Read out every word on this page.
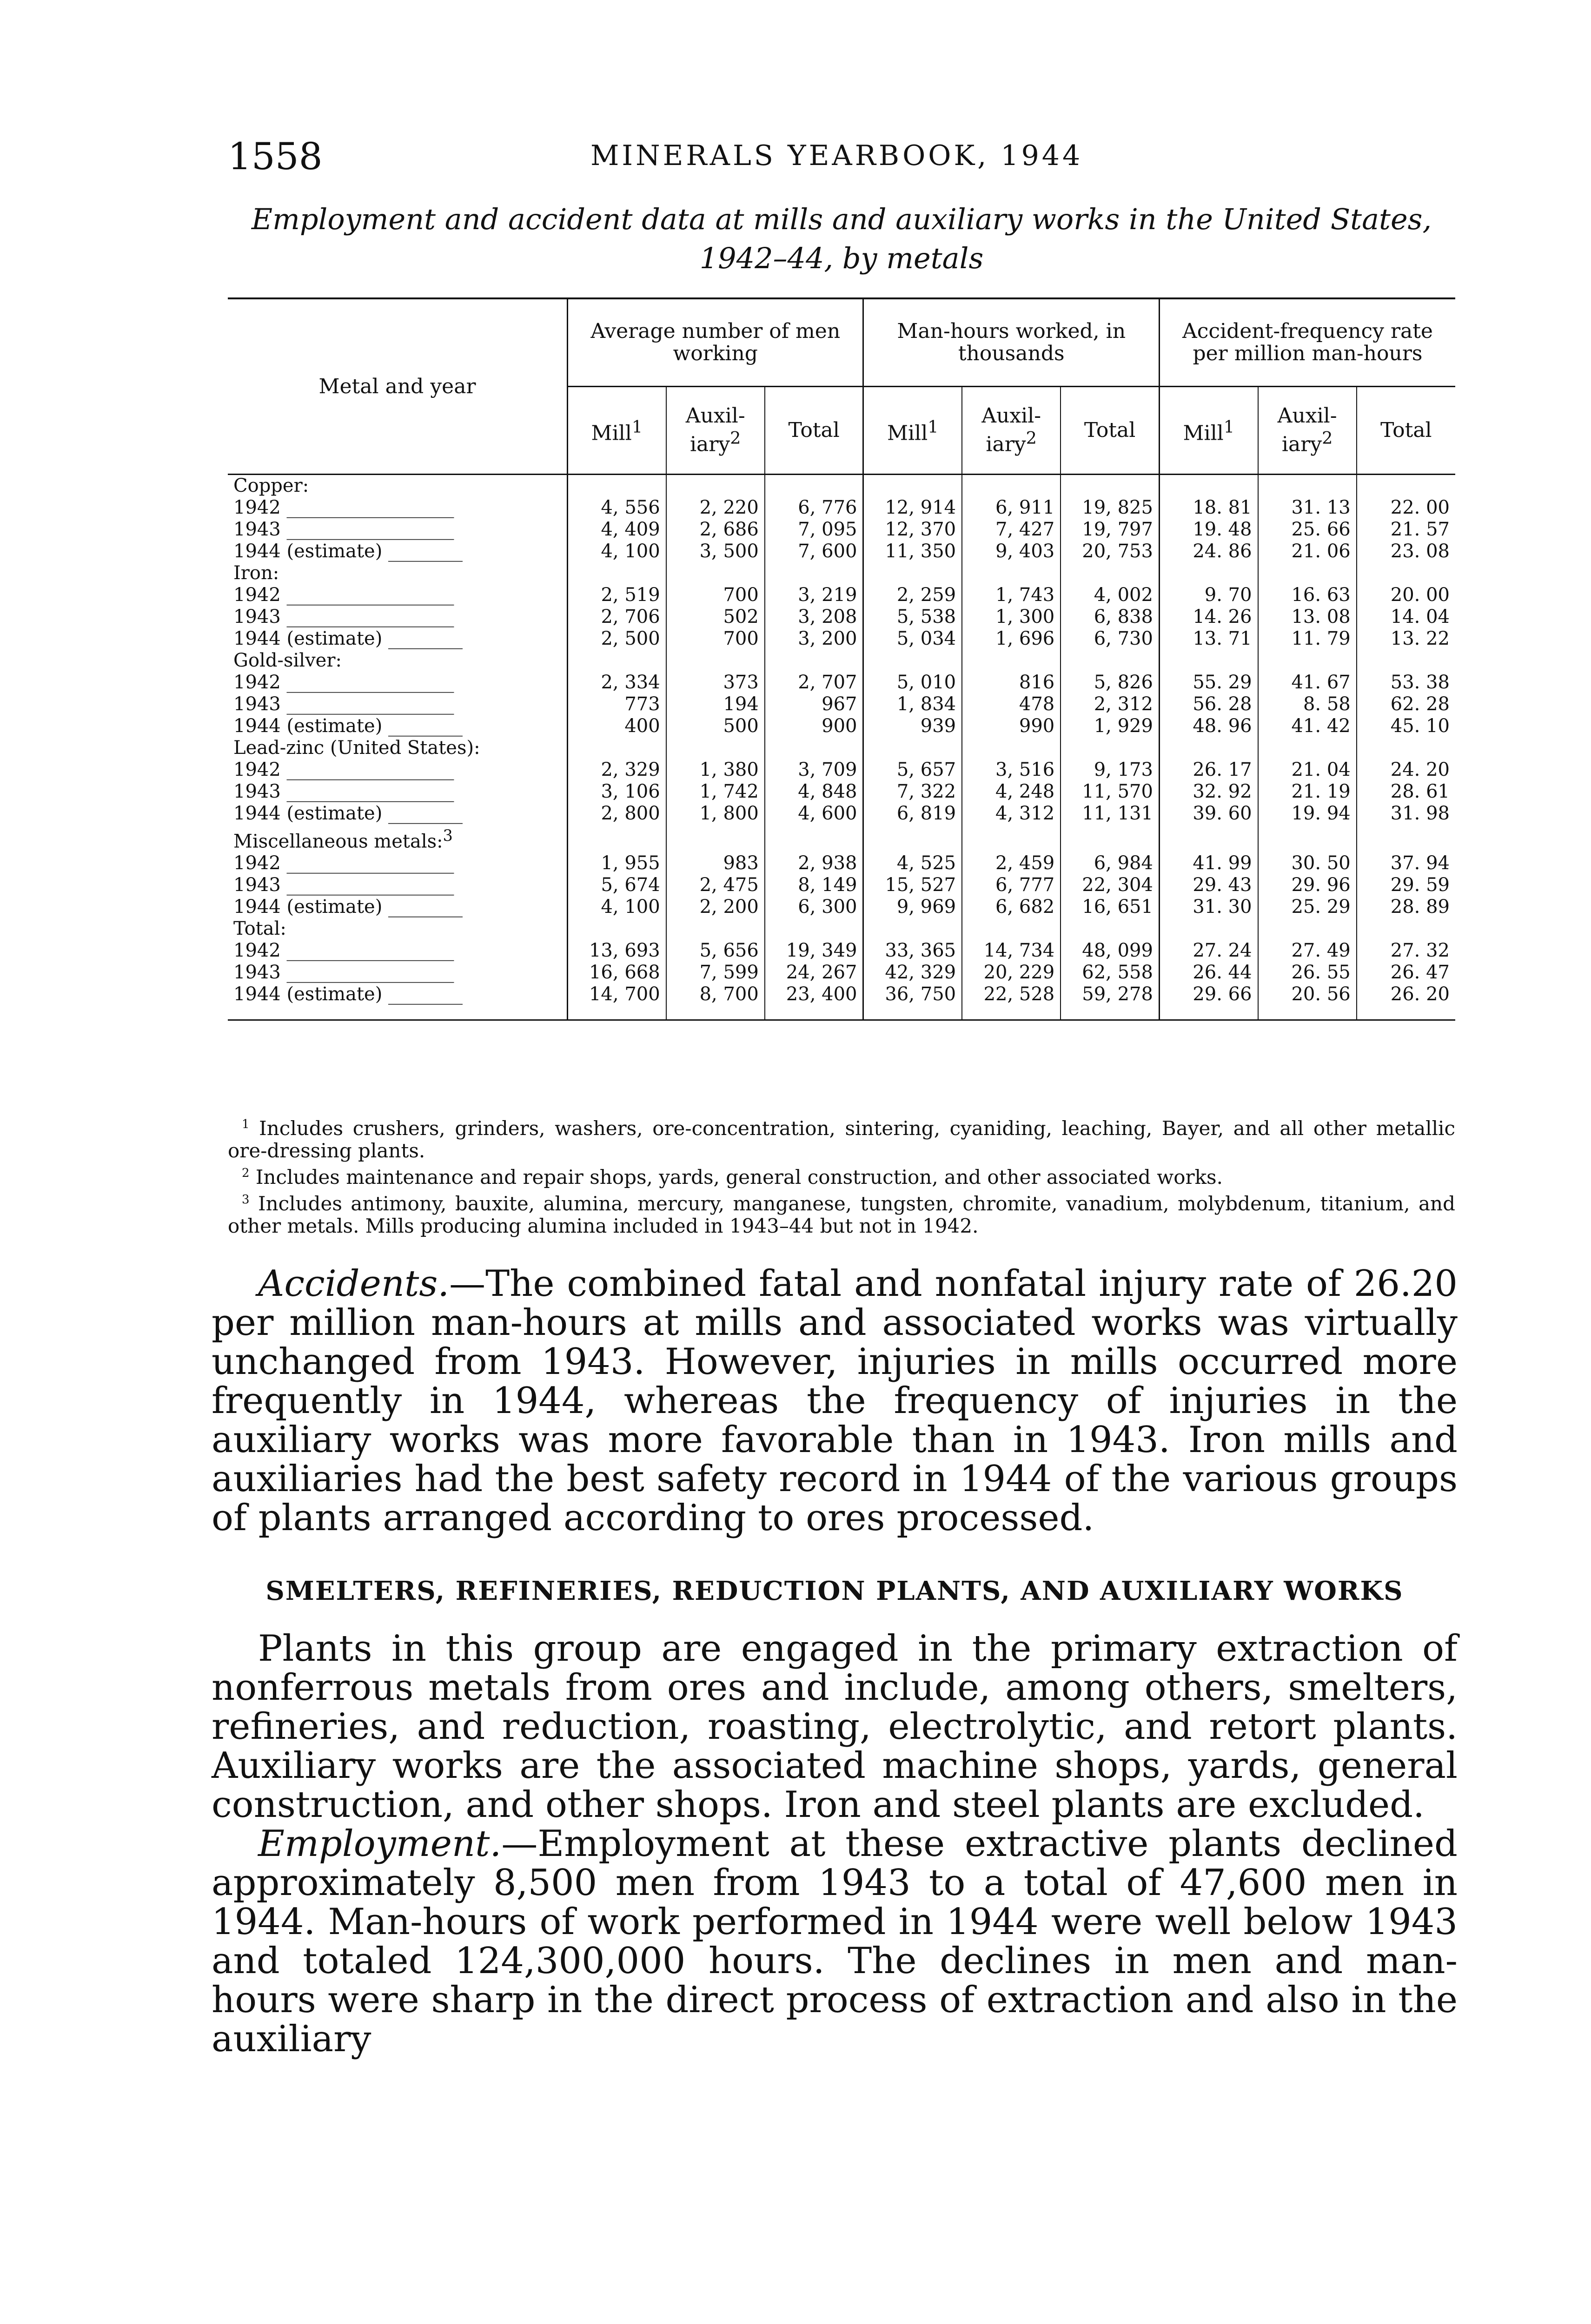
1558	MINERALS YEARBOOK, 1944
Employment and accident data at mills and auxiliary works in the United States, 1942–44, by metals
Metal and year	Average number of men working			Man-hours worked, in thousands			Accident-frequency rate per million man-hours		
	Mill$^1$	Auxil- iary$^2$	Total	Mill$^1$	Auxil- iary$^2$	Total	Mill$^1$	Auxil- iary$^2$	Total
Copper:									
1942 __________________	4, 556	2, 220	6, 776	12, 914	6, 911	19, 825	18. 81	31. 13	22. 00
1943 __________________	4, 409	2, 686	7, 095	12, 370	7, 427	19, 797	19. 48	25. 66	21. 57
1944 (estimate) ________	4, 100	3, 500	7, 600	11, 350	9, 403	20, 753	24. 86	21. 06	23. 08
Iron:									
1942 __________________	2, 519	700	3, 219	2, 259	1, 743	4, 002	9. 70	16. 63	20. 00
1943 __________________	2, 706	502	3, 208	5, 538	1, 300	6, 838	14. 26	13. 08	14. 04
1944 (estimate) ________	2, 500	700	3, 200	5, 034	1, 696	6, 730	13. 71	11. 79	13. 22
Gold-silver:									
1942 __________________	2, 334	373	2, 707	5, 010	816	5, 826	55. 29	41. 67	53. 38
1943 __________________	773	194	967	1, 834	478	2, 312	56. 28	8. 58	62. 28
1944 (estimate) ________	400	500	900	939	990	1, 929	48. 96	41. 42	45. 10
Lead-zinc (United States):									
1942 __________________	2, 329	1, 380	3, 709	5, 657	3, 516	9, 173	26. 17	21. 04	24. 20
1943 __________________	3, 106	1, 742	4, 848	7, 322	4, 248	11, 570	32. 92	21. 19	28. 61
1944 (estimate) ________	2, 800	1, 800	4, 600	6, 819	4, 312	11, 131	39. 60	19. 94	31. 98
Miscellaneous metals:$^3$									
1942 __________________	1, 955	983	2, 938	4, 525	2, 459	6, 984	41. 99	30. 50	37. 94
1943 __________________	5, 674	2, 475	8, 149	15, 527	6, 777	22, 304	29. 43	29. 96	29. 59
1944 (estimate) ________	4, 100	2, 200	6, 300	9, 969	6, 682	16, 651	31. 30	25. 29	28. 89
Total:									
1942 __________________	13, 693	5, 656	19, 349	33, 365	14, 734	48, 099	27. 24	27. 49	27. 32
1943 __________________	16, 668	7, 599	24, 267	42, 329	20, 229	62, 558	26. 44	26. 55	26. 47
1944 (estimate) ________	14, 700	8, 700	23, 400	36, 750	22, 528	59, 278	29. 66	20. 56	26. 20

$^1$ Includes crushers, grinders, washers, ore-concentration, sintering, cyaniding, leaching, Bayer, and all other metallic ore-dressing plants.

$^2$ Includes maintenance and repair shops, yards, general construction, and other associated works.

$^3$ Includes antimony, bauxite, alumina, mercury, manganese, tungsten, chromite, vanadium, molybdenum, titanium, and other metals. Mills producing alumina included in 1943–44 but not in 1942.

Accidents.—The combined fatal and nonfatal injury rate of 26.20 per million man-hours at mills and associated works was virtually unchanged from 1943. However, injuries in mills occurred more frequently in 1944, whereas the frequency of injuries in the auxiliary works was more favorable than in 1943. Iron mills and auxiliaries had the best safety record in 1944 of the various groups of plants arranged according to ores processed.

SMELTERS, REFINERIES, REDUCTION PLANTS, AND AUXILIARY WORKS

Plants in this group are engaged in the primary extraction of nonferrous metals from ores and include, among others, smelters, refineries, and reduction, roasting, electrolytic, and retort plants. Auxiliary works are the associated machine shops, yards, general construction, and other shops. Iron and steel plants are excluded.

Employment.—Employment at these extractive plants declined approximately 8,500 men from 1943 to a total of 47,600 men in 1944. Man-hours of work performed in 1944 were well below 1943 and totaled 124,300,000 hours. The declines in men and man-hours were sharp in the direct process of extraction and also in the auxiliary
